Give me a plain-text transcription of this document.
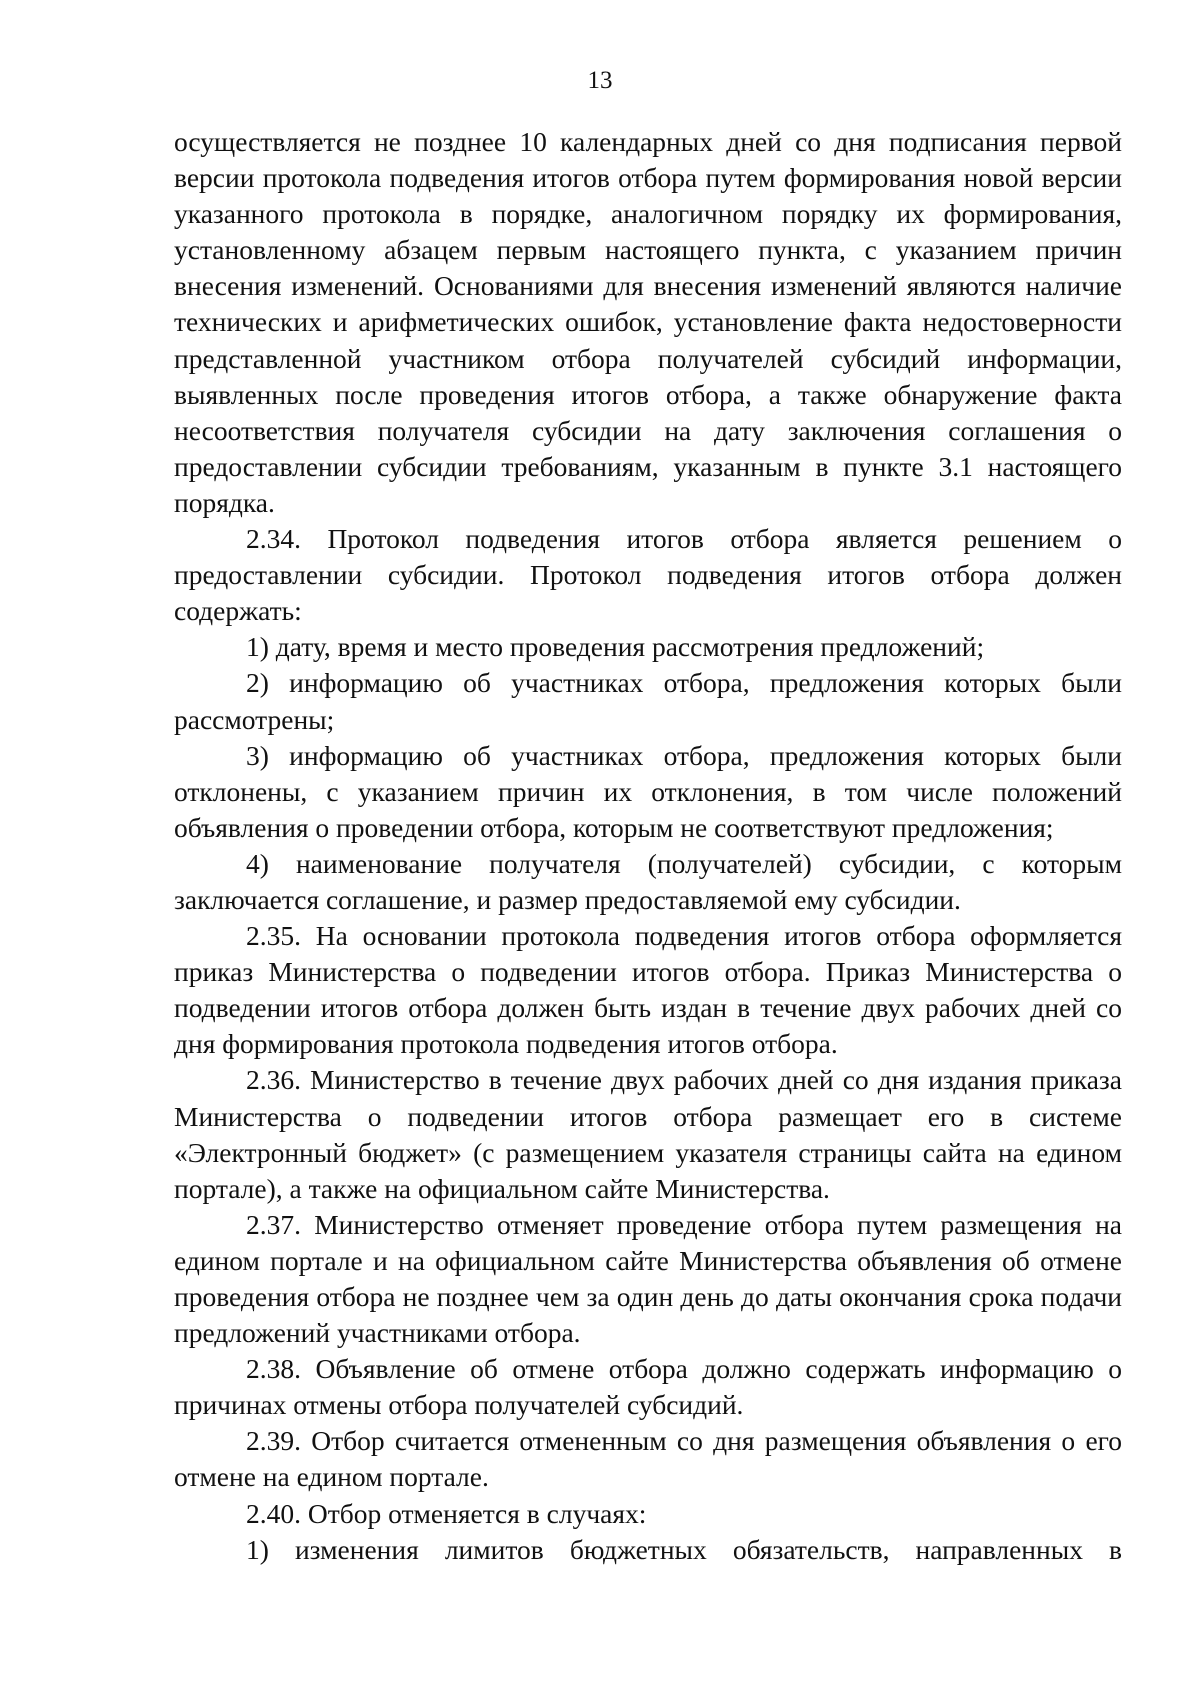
13

осуществляется не позднее 10 календарных дней со дня подписания первой версии протокола подведения итогов отбора путем формирования новой версии указанного протокола в порядке, аналогичном порядку их формирования, установленному абзацем первым настоящего пункта, с указанием причин внесения изменений. Основаниями для внесения изменений являются наличие технических и арифметических ошибок, установление факта недостоверности представленной участником отбора получателей субсидий информации, выявленных после проведения итогов отбора, а также обнаружение факта несоответствия получателя субсидии на дату заключения соглашения о предоставлении субсидии требованиям, указанным в пункте 3.1 настоящего порядка.

2.34. Протокол подведения итогов отбора является решением о предоставлении субсидии. Протокол подведения итогов отбора должен содержать:

1) дату, время и место проведения рассмотрения предложений;

2) информацию об участниках отбора, предложения которых были рассмотрены;

3) информацию об участниках отбора, предложения которых были отклонены, с указанием причин их отклонения, в том числе положений объявления о проведении отбора, которым не соответствуют предложения;

4) наименование получателя (получателей) субсидии, с которым заключается соглашение, и размер предоставляемой ему субсидии.

2.35. На основании протокола подведения итогов отбора оформляется приказ Министерства о подведении итогов отбора. Приказ Министерства о подведении итогов отбора должен быть издан в течение двух рабочих дней со дня формирования протокола подведения итогов отбора.

2.36. Министерство в течение двух рабочих дней со дня издания приказа Министерства о подведении итогов отбора размещает его в системе «Электронный бюджет» (с размещением указателя страницы сайта на едином портале), а также на официальном сайте Министерства.

2.37. Министерство отменяет проведение отбора путем размещения на едином портале и на официальном сайте Министерства объявления об отмене проведения отбора не позднее чем за один день до даты окончания срока подачи предложений участниками отбора.

2.38. Объявление об отмене отбора должно содержать информацию о причинах отмены отбора получателей субсидий.

2.39. Отбор считается отмененным со дня размещения объявления о его отмене на едином портале.

2.40. Отбор отменяется в случаях:

1) изменения лимитов бюджетных обязательств, направленных в
